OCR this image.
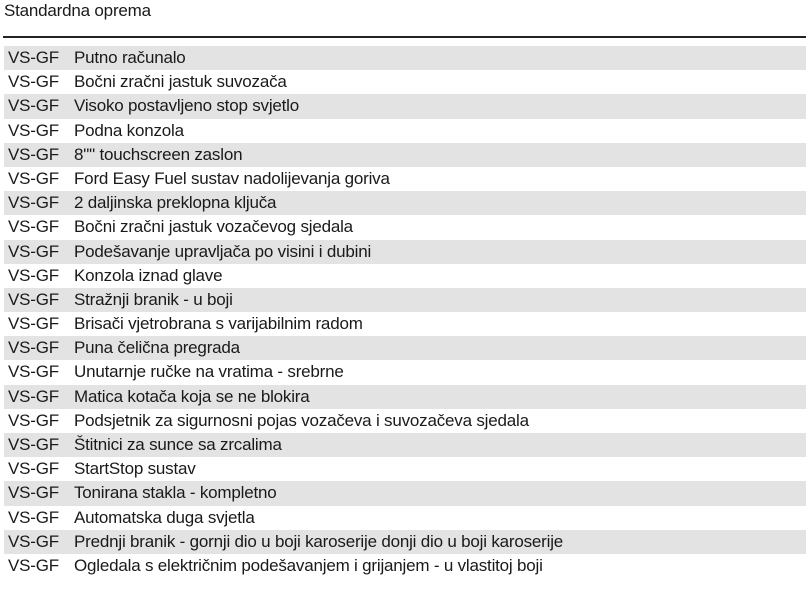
Standardna oprema
VS-GF Putno računalo
VS-GF Bočni zračni jastuk suvozača
VS-GF Visoko postavljeno stop svjetlo
VS-GF Podna konzola
VS-GF 8"" touchscreen zaslon
VS-GF Ford Easy Fuel sustav nadolijevanja goriva
VS-GF 2 daljinska preklopna ključa
VS-GF Bočni zračni jastuk vozačevog sjedala
VS-GF Podešavanje upravljača po visini i dubini
VS-GF Konzola iznad glave
VS-GF Stražnji branik - u boji
VS-GF Brisači vjetrobrana s varijabilnim radom
VS-GF Puna čelična pregrada
VS-GF Unutarnje ručke na vratima - srebrne
VS-GF Matica kotača koja se ne blokira
VS-GF Podsjetnik za sigurnosni pojas vozačeva i suvozačeva sjedala
VS-GF Štitnici za sunce sa zrcalima
VS-GF StartStop sustav
VS-GF Tonirana stakla - kompletno
VS-GF Automatska duga svjetla
VS-GF Prednji branik - gornji dio u boji karoserije donji dio u boji karoserije
VS-GF Ogledala s električnim podešavanjem i grijanjem - u vlastitoj boji
